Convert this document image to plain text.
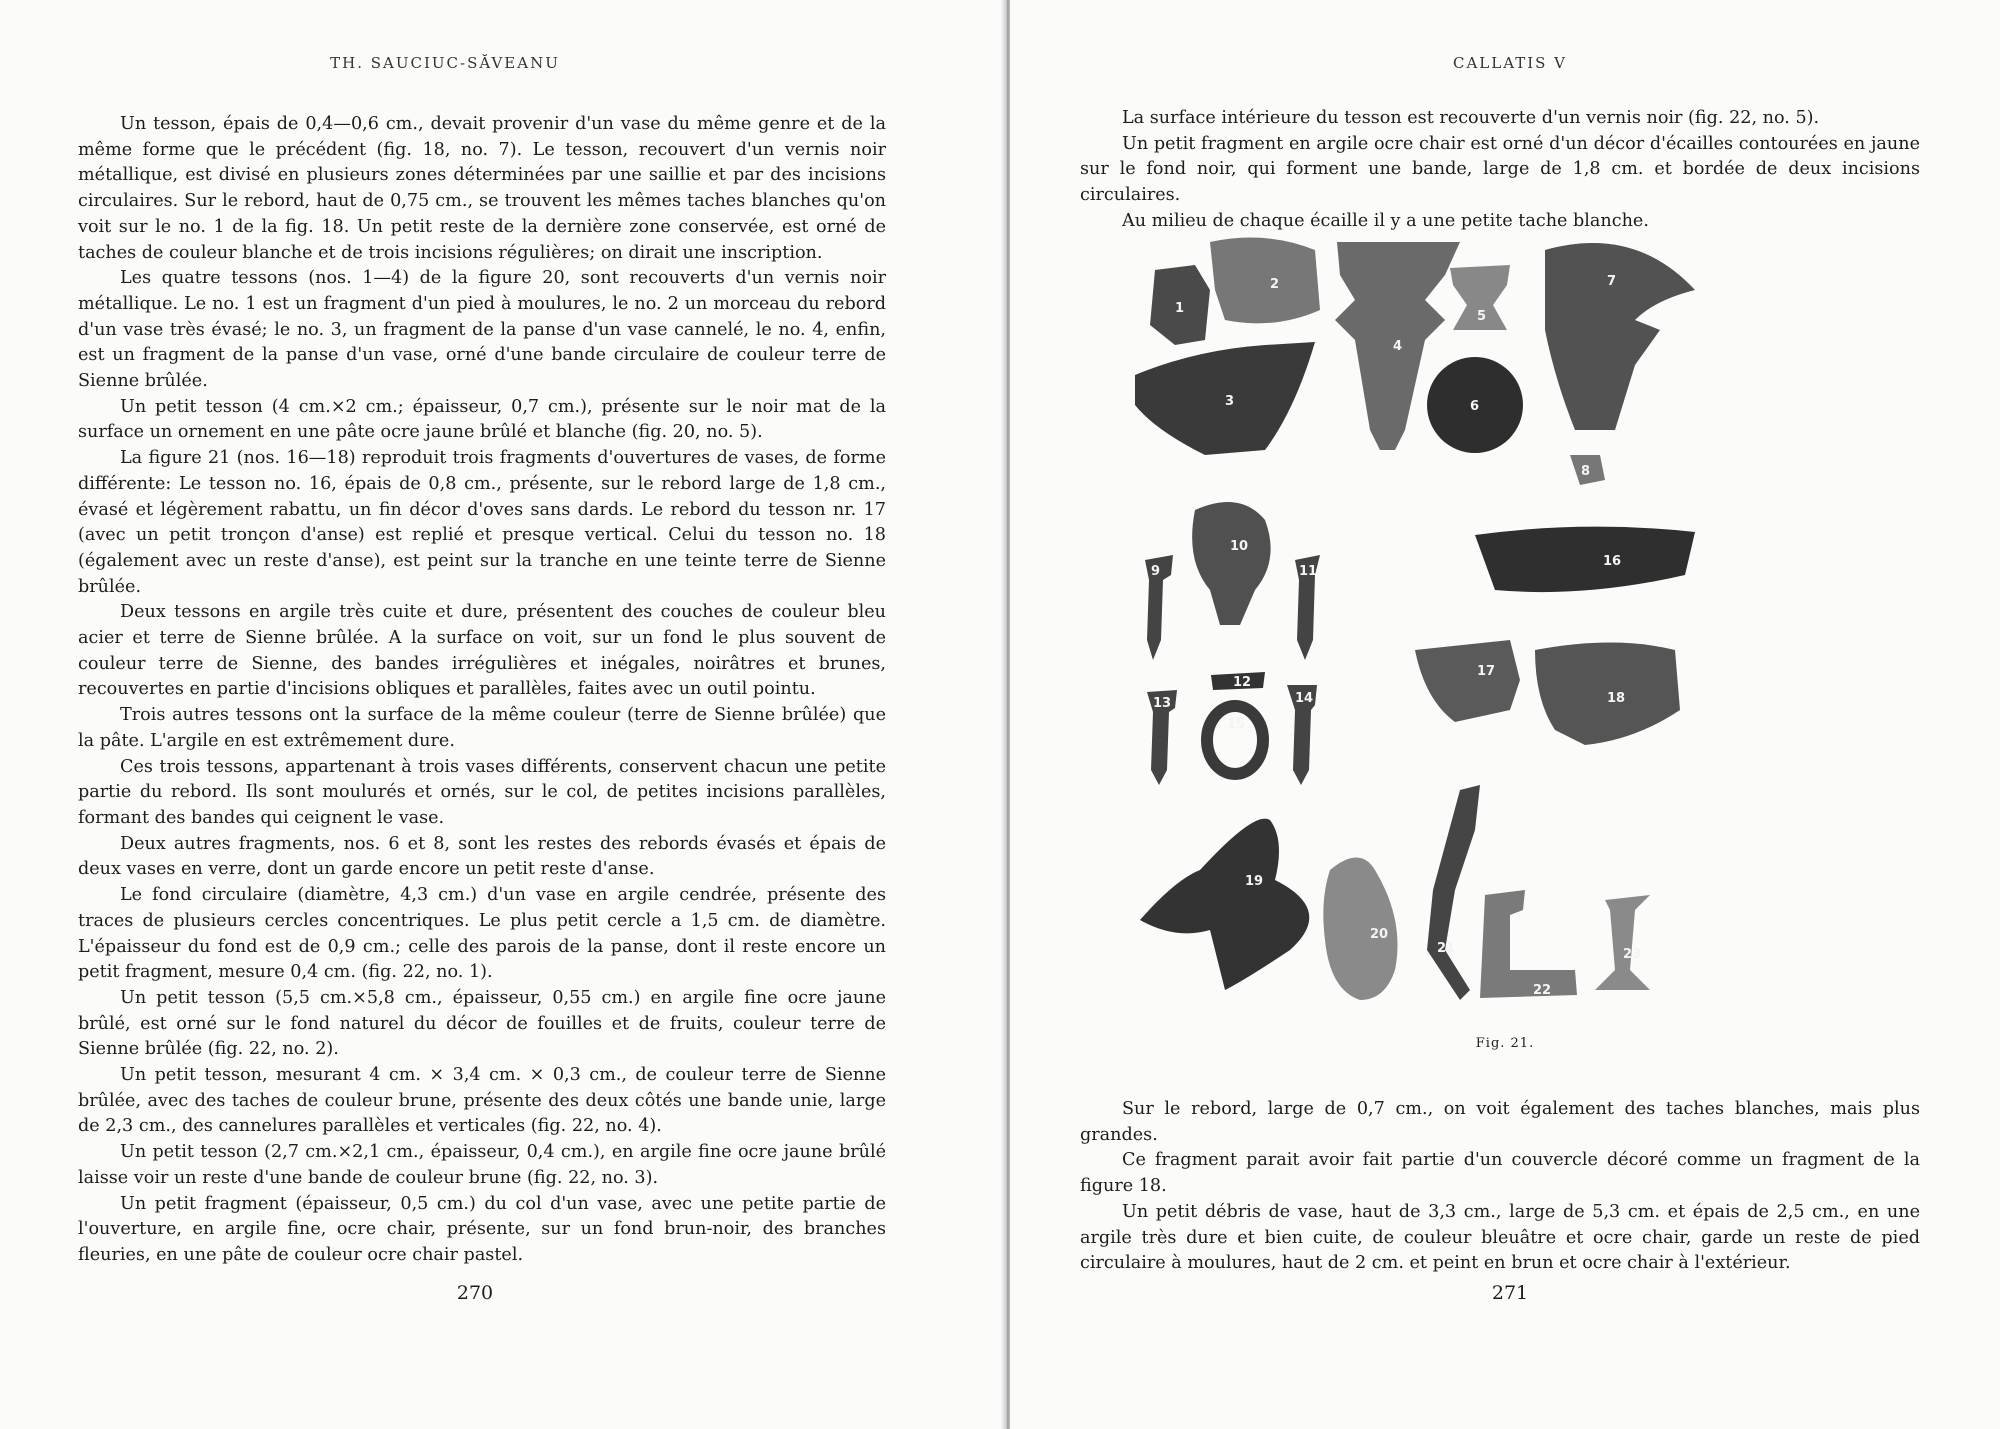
TH. SAUCIUC-SĂVEANU

Un tesson, épais de 0,4—0,6 cm., devait provenir d'un vase du même genre et de la même forme que le précédent (fig. 18, no. 7). Le tesson, recouvert d'un vernis noir métallique, est divisé en plusieurs zones déterminées par une saillie et par des incisions circulaires. Sur le rebord, haut de 0,75 cm., se trouvent les mêmes taches blanches qu'on voit sur le no. 1 de la fig. 18. Un petit reste de la dernière zone conservée, est orné de taches de couleur blanche et de trois incisions régulières; on dirait une inscription.

Les quatre tessons (nos. 1—4) de la figure 20, sont recouverts d'un vernis noir métallique. Le no. 1 est un fragment d'un pied à moulures, le no. 2 un morceau du rebord d'un vase très évasé; le no. 3, un fragment de la panse d'un vase cannelé, le no. 4, enfin, est un fragment de la panse d'un vase, orné d'une bande circulaire de couleur terre de Sienne brûlée.

Un petit tesson (4 cm.×2 cm.; épaisseur, 0,7 cm.), présente sur le noir mat de la surface un ornement en une pâte ocre jaune brûlé et blanche (fig. 20, no. 5).

La figure 21 (nos. 16—18) reproduit trois fragments d'ouvertures de vases, de forme différente: Le tesson no. 16, épais de 0,8 cm., présente, sur le rebord large de 1,8 cm., évasé et légèrement rabattu, un fin décor d'oves sans dards. Le rebord du tesson nr. 17 (avec un petit tronçon d'anse) est replié et presque vertical. Celui du tesson no. 18 (également avec un reste d'anse), est peint sur la tranche en une teinte terre de Sienne brûlée.

Deux tessons en argile très cuite et dure, présentent des couches de couleur bleu acier et terre de Sienne brûlée. A la surface on voit, sur un fond le plus souvent de couleur terre de Sienne, des bandes irrégulières et inégales, noirâtres et brunes, recouvertes en partie d'incisions obliques et parallèles, faites avec un outil pointu.

Trois autres tessons ont la surface de la même couleur (terre de Sienne brûlée) que la pâte. L'argile en est extrêmement dure.

Ces trois tessons, appartenant à trois vases différents, conservent chacun une petite partie du rebord. Ils sont moulurés et ornés, sur le col, de petites incisions parallèles, formant des bandes qui ceignent le vase.

Deux autres fragments, nos. 6 et 8, sont les restes des rebords évasés et épais de deux vases en verre, dont un garde encore un petit reste d'anse.

Le fond circulaire (diamètre, 4,3 cm.) d'un vase en argile cendrée, présente des traces de plusieurs cercles concentriques. Le plus petit cercle a 1,5 cm. de diamètre. L'épaisseur du fond est de 0,9 cm.; celle des parois de la panse, dont il reste encore un petit fragment, mesure 0,4 cm. (fig. 22, no. 1).

Un petit tesson (5,5 cm.×5,8 cm., épaisseur, 0,55 cm.) en argile fine ocre jaune brûlé, est orné sur le fond naturel du décor de fouilles et de fruits, couleur terre de Sienne brûlée (fig. 22, no. 2).

Un petit tesson, mesurant 4 cm. × 3,4 cm. × 0,3 cm., de couleur terre de Sienne brûlée, avec des taches de couleur brune, présente des deux côtés une bande unie, large de 2,3 cm., des cannelures parallèles et verticales (fig. 22, no. 4).

Un petit tesson (2,7 cm.×2,1 cm., épaisseur, 0,4 cm.), en argile fine ocre jaune brûlé laisse voir un reste d'une bande de couleur brune (fig. 22, no. 3).

Un petit fragment (épaisseur, 0,5 cm.) du col d'un vase, avec une petite partie de l'ouverture, en argile fine, ocre chair, présente, sur un fond brun-noir, des branches fleuries, en une pâte de couleur ocre chair pastel.

270
CALLATIS V

La surface intérieure du tesson est recouverte d'un vernis noir (fig. 22, no. 5).

Un petit fragment en argile ocre chair est orné d'un décor d'écailles contourées en jaune sur le fond noir, qui forment une bande, large de 1,8 cm. et bordée de deux incisions circulaires.

Au milieu de chaque écaille il y a une petite tache blanche.

1
2
3
4
5
6
7
8
9
10
11
12
13	14
15
16
17
18
19
20
21
22
23
Fig. 21.

Sur le rebord, large de 0,7 cm., on voit également des taches blanches, mais plus grandes.

Ce fragment parait avoir fait partie d'un couvercle décoré comme un fragment de la figure 18.

Un petit débris de vase, haut de 3,3 cm., large de 5,3 cm. et épais de 2,5 cm., en une argile très dure et bien cuite, de couleur bleuâtre et ocre chair, garde un reste de pied circulaire à moulures, haut de 2 cm. et peint en brun et ocre chair à l'extérieur.

271
